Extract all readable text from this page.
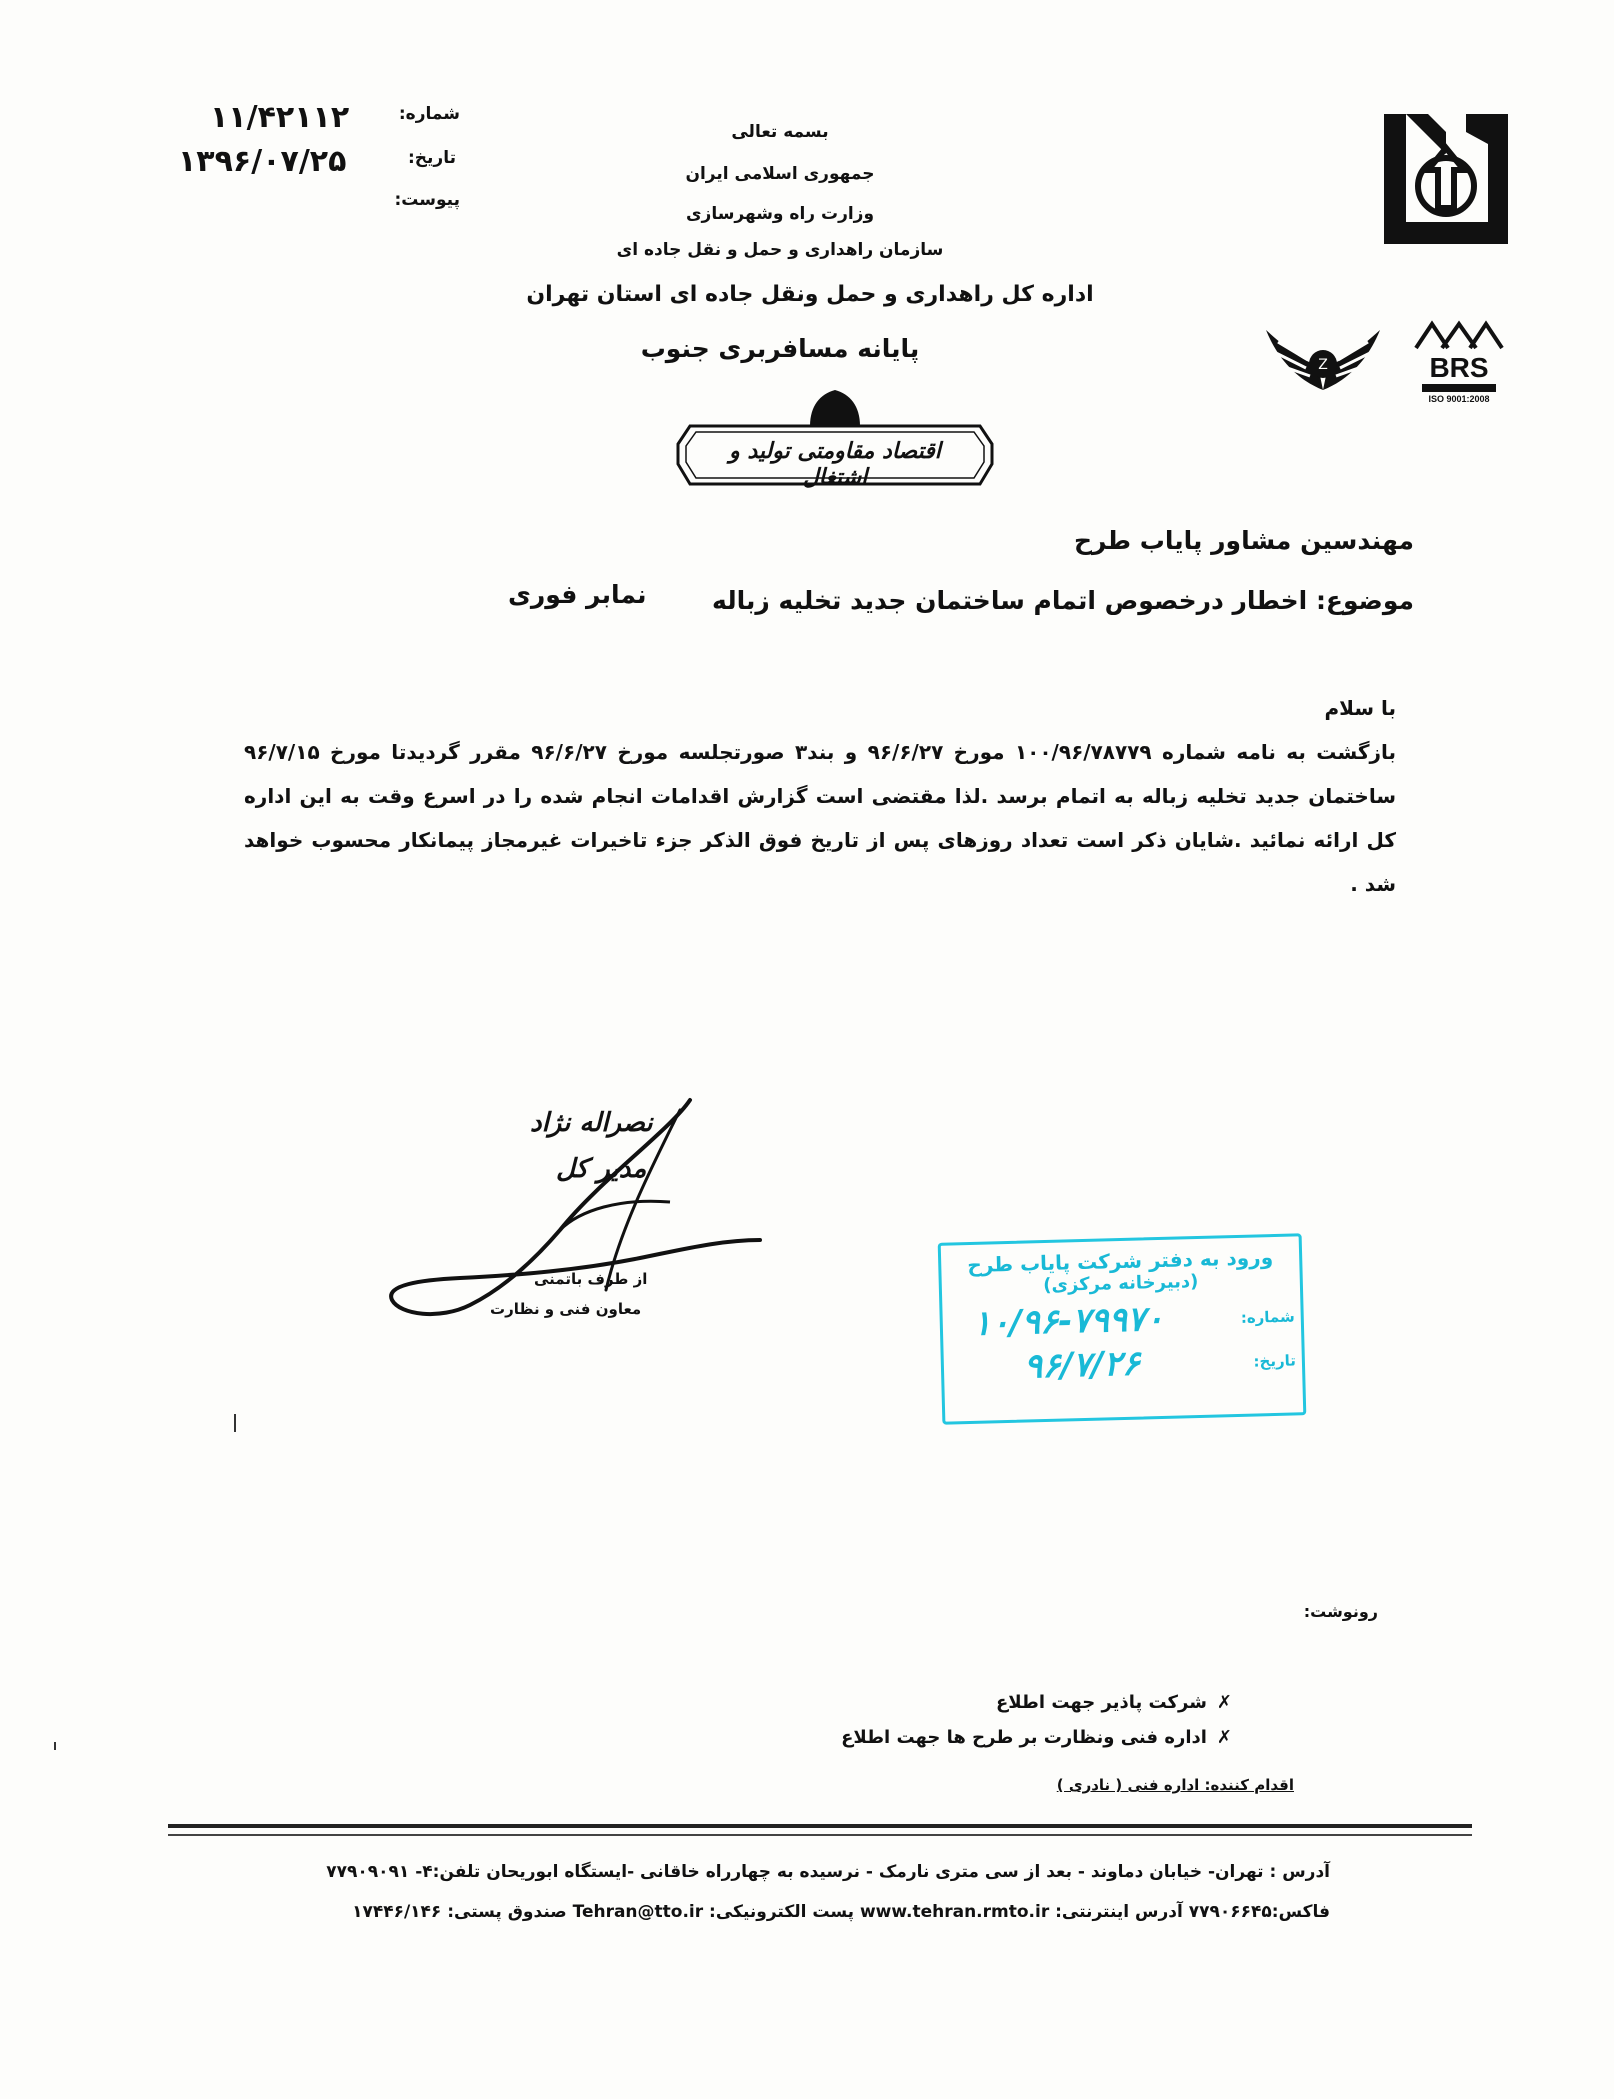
BRS
ISO 9001:2008
Z
شماره:
۱۱/۴۲۱۱۲
تاریخ:
۱۳۹۶/۰۷/۲۵
پیوست:
بسمه تعالی
جمهوری اسلامی ایران
وزارت راه وشهرسازی
سازمان راهداری و حمل و نقل جاده ای
اداره کل راهداری و حمل ونقل جاده ای استان تهران
پایانه مسافربری جنوب
اقتصاد مقاومتی تولید و اشتغال
مهندسین مشاور پایاب طرح
موضوع: اخطار درخصوص اتمام ساختمان جدید تخلیه زباله
نمابر فوری
با سلام
بازگشت به نامه شماره ۱۰۰/۹۶/۷۸۷۷۹ مورخ ۹۶/۶/۲۷ و بند۳ صورتجلسه مورخ ۹۶/۶/۲۷ مقرر گردیدتا مورخ ۹۶/۷/۱۵ ساختمان جدید تخلیه زباله به اتمام برسد .لذا مقتضی است گزارش اقدامات انجام شده را در اسرع وقت به این اداره کل ارائه نمائید .شایان ذکر است تعداد روزهای پس از تاریخ فوق الذکر جزء تاخیرات غیرمجاز پیمانکار محسوب خواهد شد .
نصراله نژاد
مدیر کل
از طرف باتمنی
معاون فنی و نظارت
ورود به دفتر شرکت پایاب طرح
(دبیرخانه مرکزی)
شماره:
۱۰/۹۶-۷۹۹۷۰
تاریخ:
۹۶/۷/۲۶
رونوشت:
✗
شرکت پاذیر جهت اطلاع
✗
اداره فنی ونظارت بر طرح ها جهت اطلاع
اقدام کننده: اداره فنی ( نادری )
آدرس : تهران- خیابان دماوند - بعد از سی متری نارمک - نرسیده به چهارراه خاقانی -ایستگاه ابوریحان تلفن:۴- ۷۷۹۰۹۰۹۱
فاکس:۷۷۹۰۶۶۴۵ آدرس اینترنتی: www.tehran.rmto.ir پست الکترونیکی: Tehran@tto.ir صندوق پستی: ۱۷۴۴۶/۱۴۶
